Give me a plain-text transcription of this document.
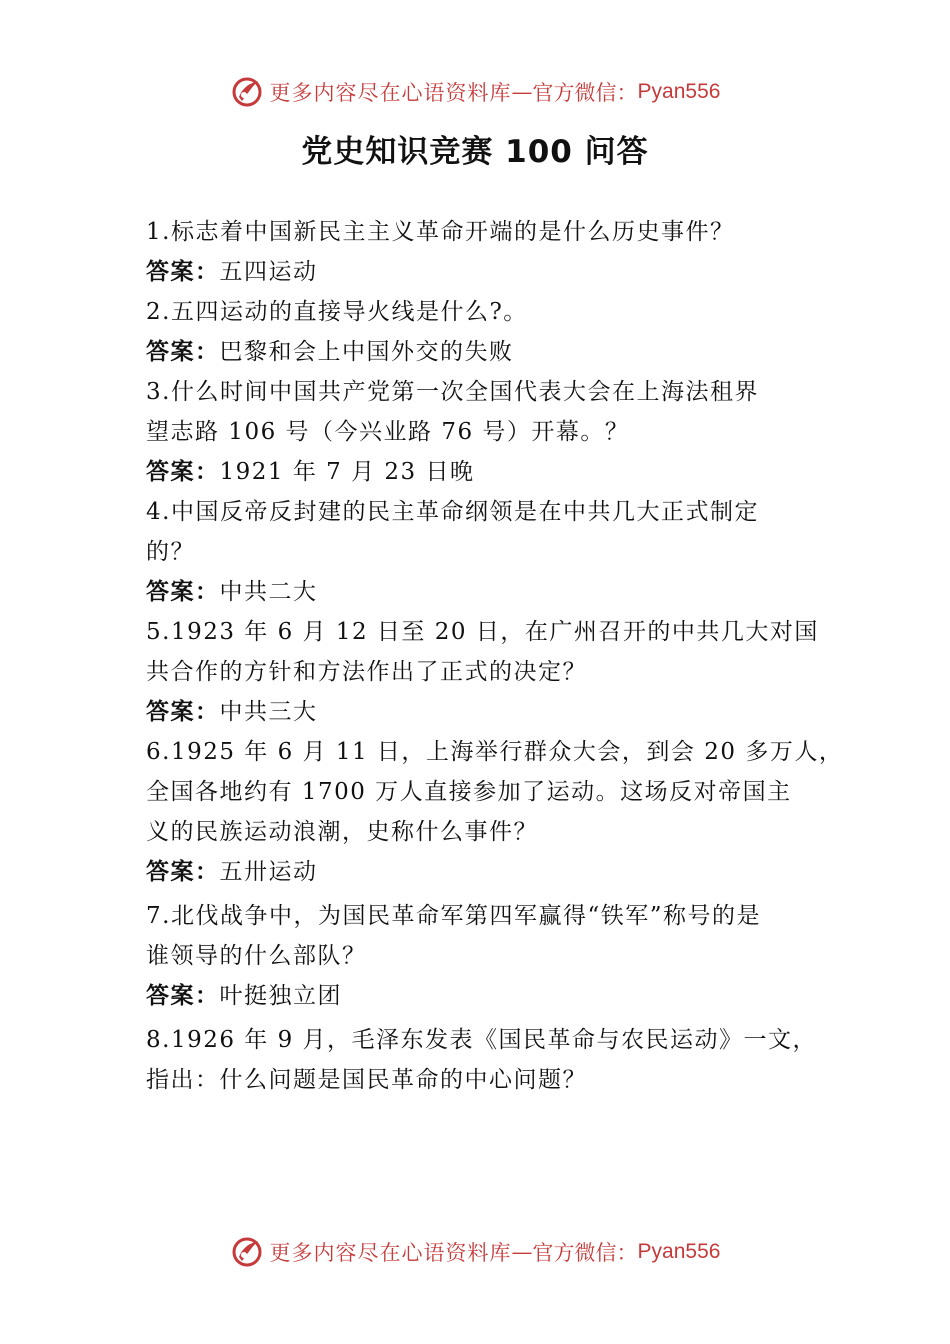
更多内容尽在心语资料库 — 官方微信： Pyan556
党史知识竞赛 100 问答
1.标志着中国新民主主义革命开端的是什么历史事件？
答案：五四运动
2.五四运动的直接导火线是什么?。
答案：巴黎和会上中国外交的失败
3.什么时间中国共产党第一次全国代表大会在上海法租界
望志路 106 号（今兴业路 76 号）开幕。？
答案：1921 年 7 月 23 日晚
4.中国反帝反封建的民主革命纲领是在中共几大正式制定
的？
答案：中共二大
5.1923 年 6 月 12 日至 20 日，在广州召开的中共几大对国
共合作的方针和方法作出了正式的决定？
答案：中共三大
6.1925 年 6 月 11 日，上海举行群众大会，到会 20 多万人，
全国各地约有 1700 万人直接参加了运动。这场反对帝国主
义的民族运动浪潮，史称什么事件？
答案：五卅运动
7.北伐战争中，为国民革命军第四军赢得“铁军”称号的是
谁领导的什么部队？
答案：叶挺独立团
8.1926 年 9 月，毛泽东发表《国民革命与农民运动》一文，
指出：什么问题是国民革命的中心问题？
更多内容尽在心语资料库 — 官方微信： Pyan556
